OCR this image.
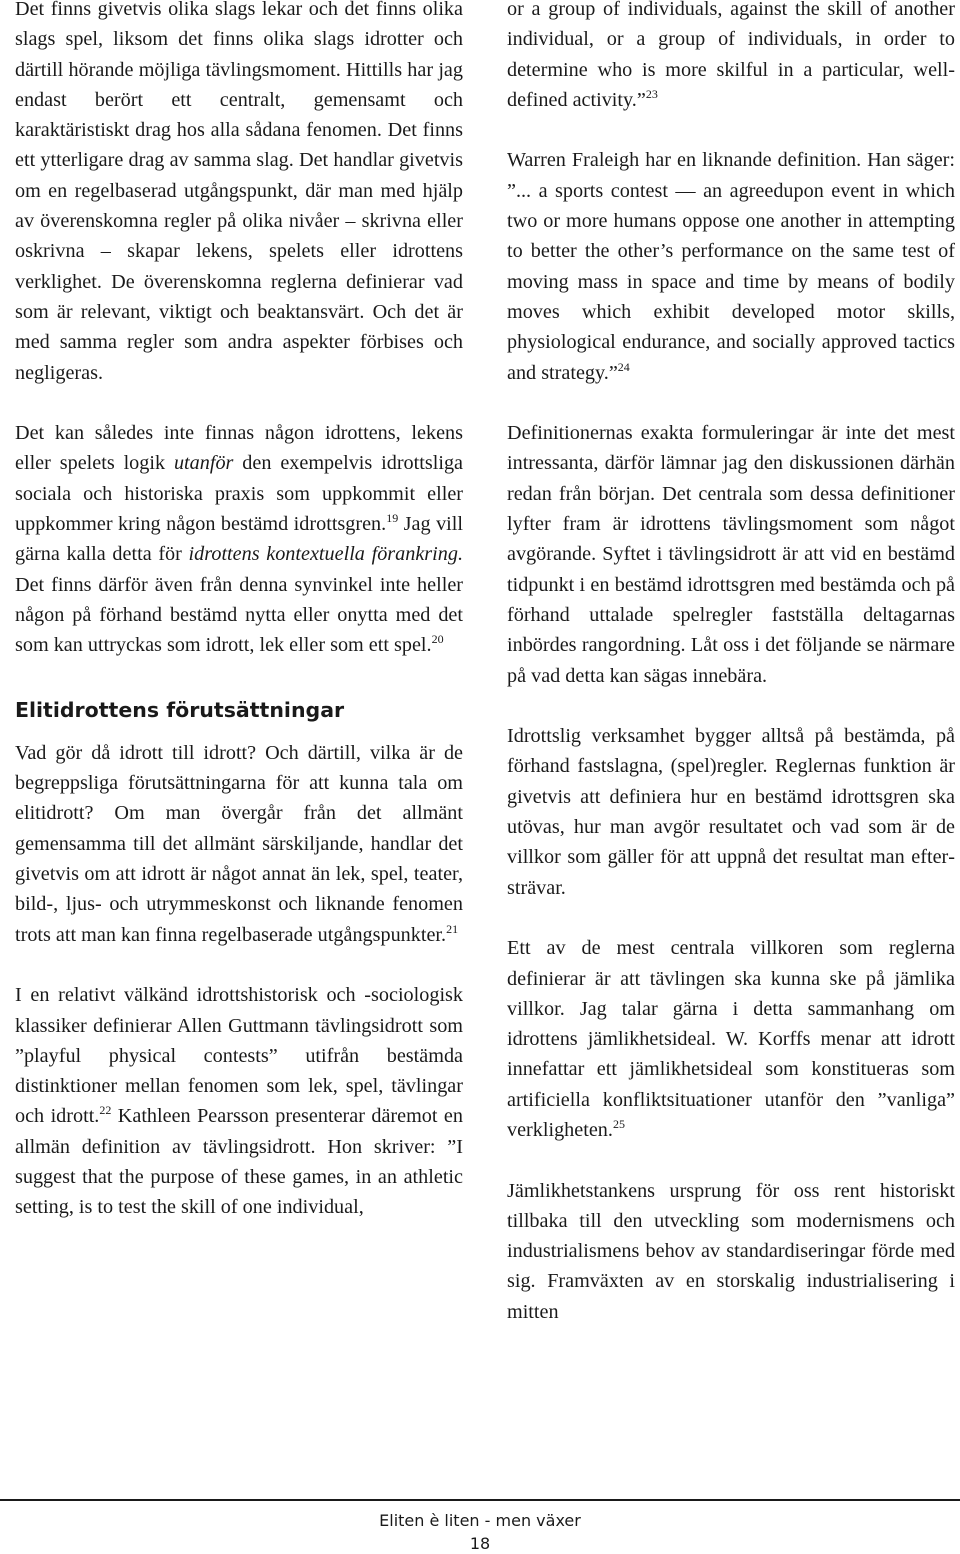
Det finns givetvis olika slags lekar och det finns olika slags spel, liksom det finns olika slags idrotter och därtill hörande möjliga tävlingsmoment. Hittills har jag endast berört ett centralt, gemensamt och karaktäristiskt drag hos alla sådana fenomen. Det finns ett ytterligare drag av samma slag. Det handlar givetvis om en regelbaserad utgångspunkt, där man med hjälp av överenskomna regler på olika nivåer – skrivna eller oskrivna – skapar lekens, spelets eller idrottens verklighet. De överenskomna reglerna definierar vad som är relevant, viktigt och beaktansvärt. Och det är med samma regler som andra aspekter förbises och negligeras.

Det kan således inte finnas någon idrottens, lekens eller spelets logik utanför den exempelvis idrottsliga sociala och historiska praxis som uppkommit eller uppkommer kring någon bestämd idrottsgren.$^{19}$ Jag vill gärna kalla detta för idrottens kontextuella förankring. Det finns därför även från denna synvinkel inte heller någon på förhand bestämd nytta eller onytta med det som kan uttryckas som idrott, lek eller som ett spel.$^{20}$

Elitidrottens förutsättningar

Vad gör då idrott till idrott? Och därtill, vilka är de begreppsliga förutsättningarna för att kunna tala om elitidrott? Om man övergår från det allmänt gemensamma till det allmänt särskiljande, handlar det givetvis om att idrott är något annat än lek, spel, teater, bild-, ljus- och utrymmeskonst och liknande fenomen trots att man kan finna regelbaserade utgångspunkter.$^{21}$

I en relativt välkänd idrottshistorisk och -sociologisk klassiker definierar Allen Guttmann tävlingsidrott som ”playful physical contests” utifrån bestämda distinktioner mellan fenomen som lek, spel, tävlingar och idrott.$^{22}$ Kathleen Pearsson presenterar däremot en allmän definition av tävlingsidrott. Hon skriver: ”I suggest that the purpose of these games, in an athletic setting, is to test the skill of one individual,

or a group of individuals, against the skill of another individual, or a group of individuals, in order to determine who is more skilful in a particular, well-defined activity.”$^{23}$

Warren Fraleigh har en liknande definition. Han säger: ”... a sports contest — an agreedupon event in which two or more humans oppose one another in attempting to better the other’s performance on the same test of moving mass in space and time by means of bodily moves which exhibit developed motor skills, physiological endurance, and socially approved tactics and strategy.”$^{24}$

Definitionernas exakta formuleringar är inte det mest intressanta, därför lämnar jag den diskussionen därhän redan från början. Det centrala som dessa definitioner lyfter fram är idrottens tävlingsmoment som något avgörande. Syftet i tävlingsidrott är att vid en bestämd tidpunkt i en bestämd idrottsgren med bestämda och på förhand uttalade spelregler fastställa deltagarnas inbördes rangordning. Låt oss i det följande se närmare på vad detta kan sägas innebära.

Idrottslig verksamhet bygger alltså på bestämda, på förhand fastslagna, (spel)regler. Reglernas funktion är givetvis att definiera hur en bestämd idrottsgren ska utövas, hur man avgör resultatet och vad som är de villkor som gäller för att uppnå det resultat man eftersträvar.

Ett av de mest centrala villkoren som reglerna definierar är att tävlingen ska kunna ske på jämlika villkor. Jag talar gärna i detta sammanhang om idrottens jämlikhetsideal. W. Korffs menar att idrott innefattar ett jämlikhetsideal som konstitueras som artificiella konfliktsituationer utanför den ”vanliga” verkligheten.$^{25}$

Jämlikhetstankens ursprung för oss rent historiskt tillbaka till den utveckling som modernismens och industrialismens behov av standardiseringar förde med sig. Framväxten av en storskalig industrialisering i mitten

Eliten è liten - men växer
18
